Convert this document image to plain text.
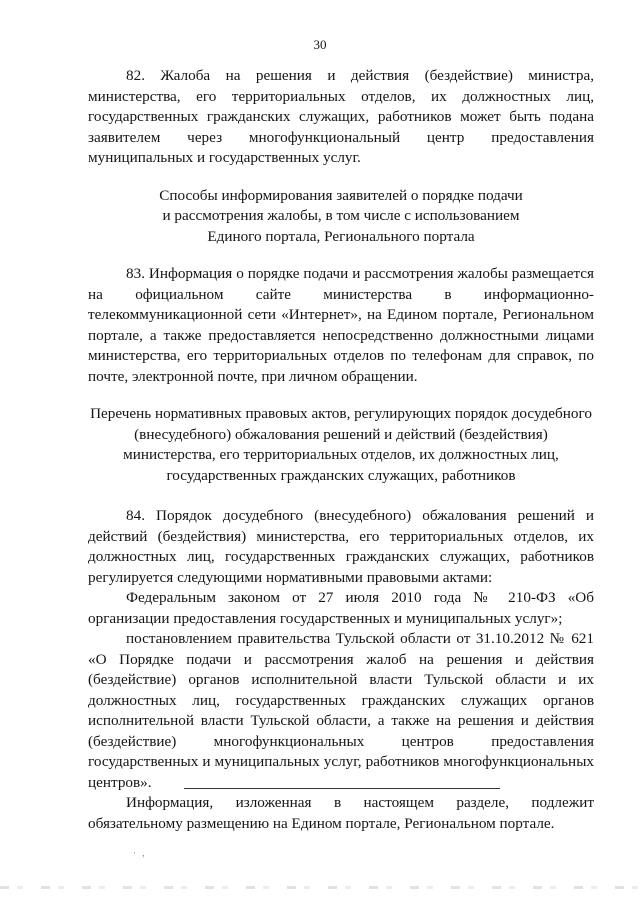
30

82. Жалоба на решения и действия (бездействие) министра, министерства, его территориальных отделов, их должностных лиц, государственных гражданских служащих, работников может быть подана заявителем через многофункциональный центр предоставления муниципальных и государственных услуг.

Способы информирования заявителей о порядке подачи
и рассмотрения жалобы, в том числе с использованием
Единого портала, Регионального портала

83. Информация о порядке подачи и рассмотрения жалобы размещается на официальном сайте министерства в информационно-телекоммуникационной сети «Интернет», на Едином портале, Региональном портале, а также предоставляется непосредственно должностными лицами министерства, его территориальных отделов по телефонам для справок, по почте, электронной почте, при личном обращении.

Перечень нормативных правовых актов, регулирующих порядок досудебного
(внесудебного) обжалования решений и действий (бездействия)
министерства, его территориальных отделов, их должностных лиц,
государственных гражданских служащих, работников

84. Порядок досудебного (внесудебного) обжалования решений и действий (бездействия) министерства, его территориальных отделов, их должностных лиц, государственных гражданских служащих, работников регулируется следующими нормативными правовыми актами:

Федеральным законом от 27 июля 2010 года № 210-ФЗ «Об организации предоставления государственных и муниципальных услуг»;

постановлением правительства Тульской области от 31.10.2012 № 621 «О Порядке подачи и рассмотрения жалоб на решения и действия (бездействие) органов исполнительной власти Тульской области и их должностных лиц, государственных гражданских служащих органов исполнительной власти Тульской области, а также на решения и действия (бездействие) многофункциональных центров предоставления государственных и муниципальных услуг, работников многофункциональных центров».

Информация, изложенная в настоящем разделе, подлежит обязательному размещению на Едином портале, Региональном портале.

· ,
